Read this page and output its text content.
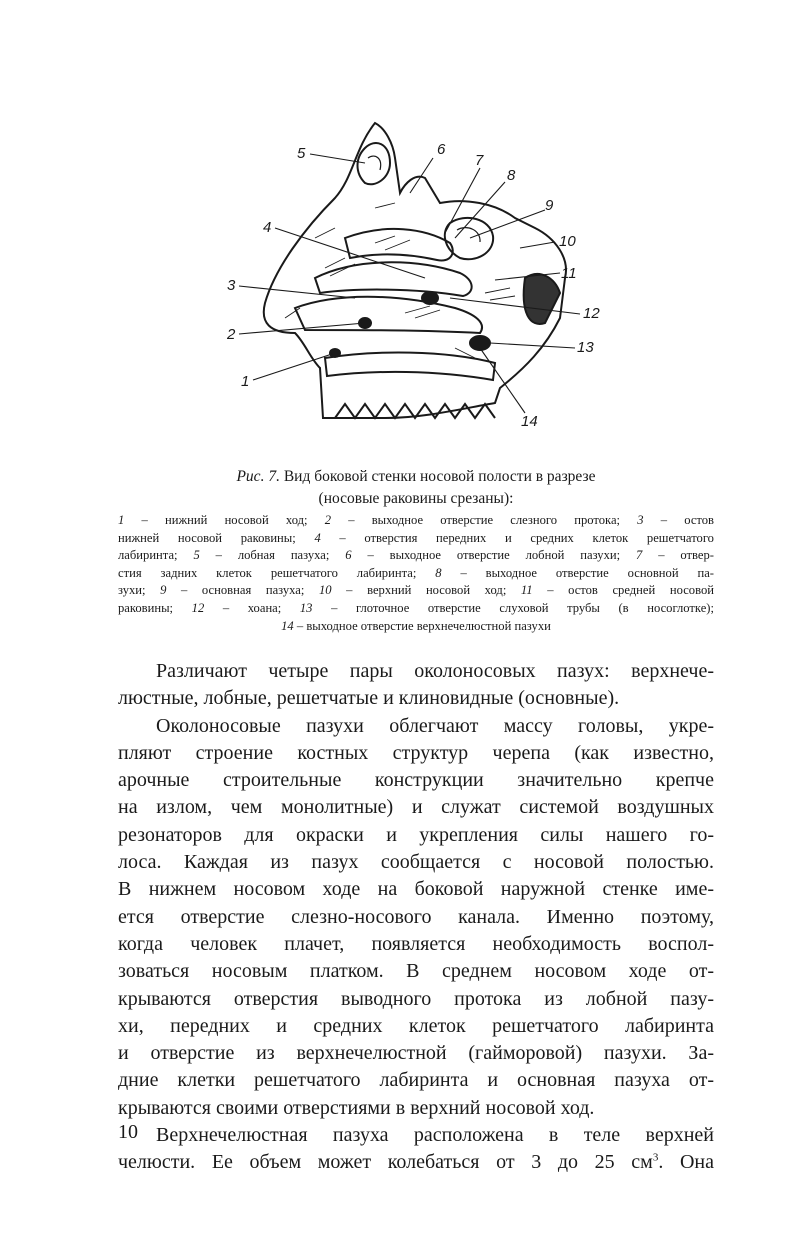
1
2
3
4
5	6
7
8
9
10
11
12
13
14
Рис. 7. Вид боковой стенки носовой полости в разрезе
(носовые раковины срезаны):
1 – нижний носовой ход; 2 – выходное отверстие слезного протока; 3 – остов
нижней носовой раковины; 4 – отверстия передних и средних клеток решетчатого
лабиринта; 5 – лобная пазуха; 6 – выходное отверстие лобной пазухи; 7 – отвер-
стия задних клеток решетчатого лабиринта; 8 – выходное отверстие основной па-
зухи; 9 – основная пазуха; 10 – верхний носовой ход; 11 – остов средней носовой
раковины; 12 – хоана; 13 – глоточное отверстие слуховой трубы (в носоглотке);
14 – выходное отверстие верхнечелюстной пазухи
Различают четыре пары околоносовых пазух: верхнече-
люстные, лобные, решетчатые и клиновидные (основные).
Околоносовые пазухи облегчают массу головы, укре-
пляют строение костных структур черепа (как известно,
арочные строительные конструкции значительно крепче
на излом, чем монолитные) и служат системой воздушных
резонаторов для окраски и укрепления силы нашего го-
лоса. Каждая из пазух сообщается с носовой полостью.
В нижнем носовом ходе на боковой наружной стенке име-
ется отверстие слезно-носового канала. Именно поэтому,
когда человек плачет, появляется необходимость воспол-
зоваться носовым платком. В среднем носовом ходе от-
крываются отверстия выводного протока из лобной пазу-
хи, передних и средних клеток решетчатого лабиринта
и отверстие из верхнечелюстной (гайморовой) пазухи. За-
дние клетки решетчатого лабиринта и основная пазуха от-
крываются своими отверстиями в верхний носовой ход.
Верхнечелюстная пазуха расположена в теле верхней
челюсти. Ее объем может колебаться от 3 до 25 $см^3$. Она
10
